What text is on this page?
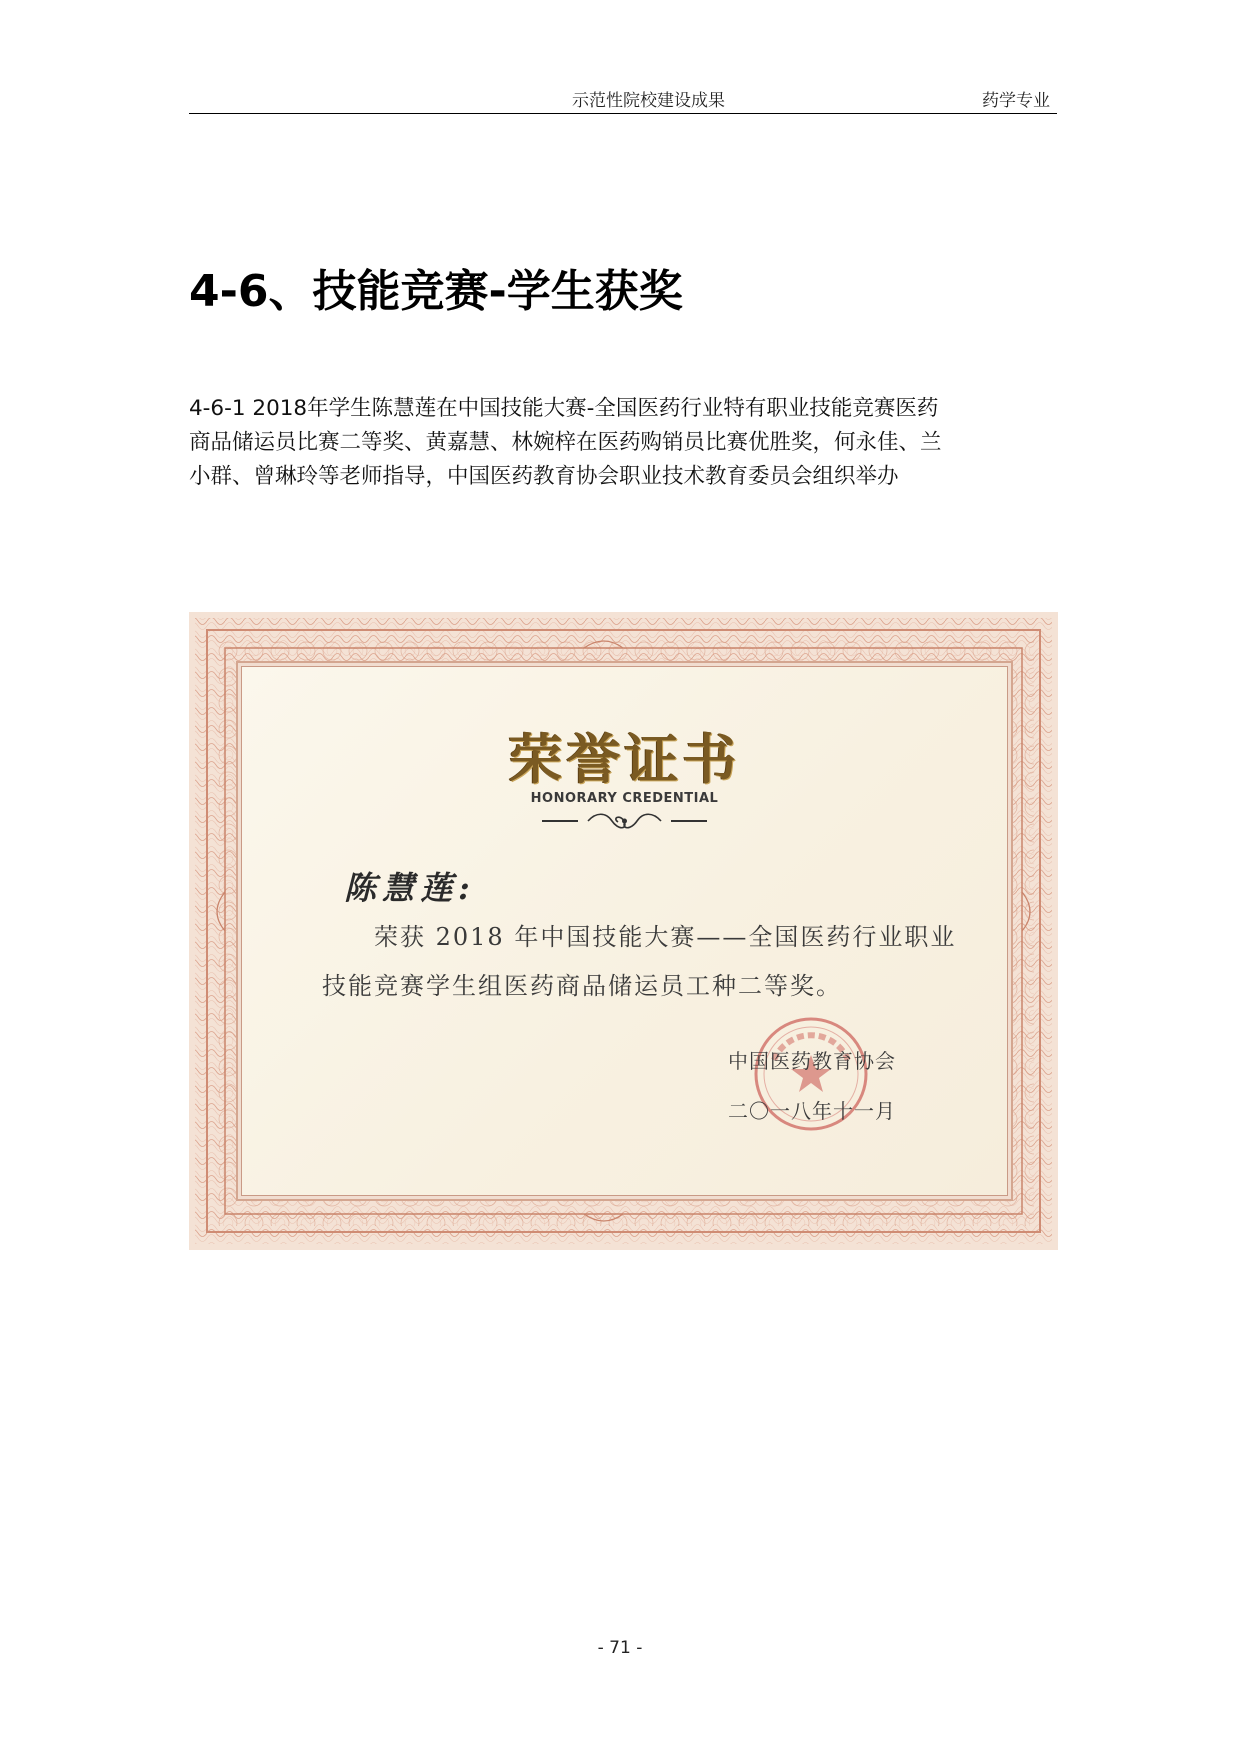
示范性院校建设成果	药学专业
4-6、技能竞赛-学生获奖

4-6-1 2018年学生陈慧莲在中国技能大赛-全国医药行业特有职业技能竞赛医药
商品储运员比赛二等奖、黄嘉慧、林婉梓在医药购销员比赛优胜奖，何永佳、兰
小群、曾琳玲等老师指导，中国医药教育协会职业技术教育委员会组织举办

荣誉证书
HONORARY CREDENTIAL
陈慧莲:
荣获 2018 年中国技能大赛——全国医药行业职业
技能竞赛学生组医药商品储运员工种二等奖。
中国医药教育协会
二〇一八年十一月
- 71 -
